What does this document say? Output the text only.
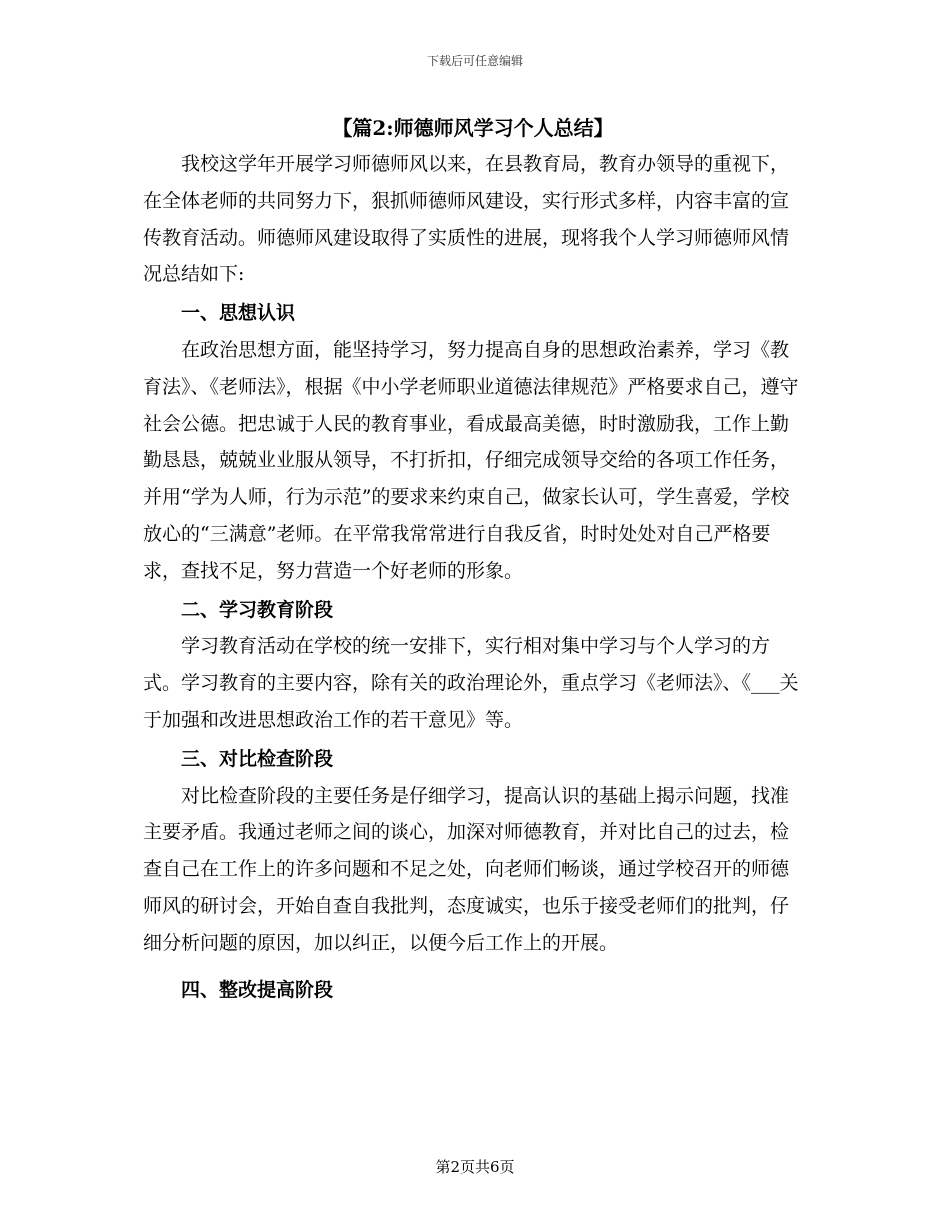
下载后可任意编辑

【篇2:师德师风学习个人总结】

我校这学年开展学习师德师风以来，在县教育局，教育办领导的重视下，在全体老师的共同努力下，狠抓师德师风建设，实行形式多样，内容丰富的宣传教育活动。师德师风建设取得了实质性的进展，现将我个人学习师德师风情况总结如下:

一、思想认识

在政治思想方面，能坚持学习，努力提高自身的思想政治素养，学习《教育法》、《老师法》，根据《中小学老师职业道德法律规范》严格要求自己，遵守社会公德。把忠诚于人民的教育事业，看成最高美德，时时激励我，工作上勤勤恳恳，兢兢业业服从领导，不打折扣，仔细完成领导交给的各项工作任务，并用“学为人师，行为示范”的要求来约束自己，做家长认可，学生喜爱，学校放心的“三满意”老师。在平常我常常进行自我反省，时时处处对自己严格要求，查找不足，努力营造一个好老师的形象。

二、学习教育阶段

学习教育活动在学校的统一安排下，实行相对集中学习与个人学习的方式。学习教育的主要内容，除有关的政治理论外，重点学习《老师法》、《___关于加强和改进思想政治工作的若干意见》等。

三、对比检查阶段

对比检查阶段的主要任务是仔细学习，提高认识的基础上揭示问题，找准主要矛盾。我通过老师之间的谈心，加深对师德教育，并对比自己的过去，检查自己在工作上的许多问题和不足之处，向老师们畅谈，通过学校召开的师德师风的研讨会，开始自查自我批判，态度诚实，也乐于接受老师们的批判，仔细分析问题的原因，加以纠正，以便今后工作上的开展。

四、整改提高阶段

第2页共6页
